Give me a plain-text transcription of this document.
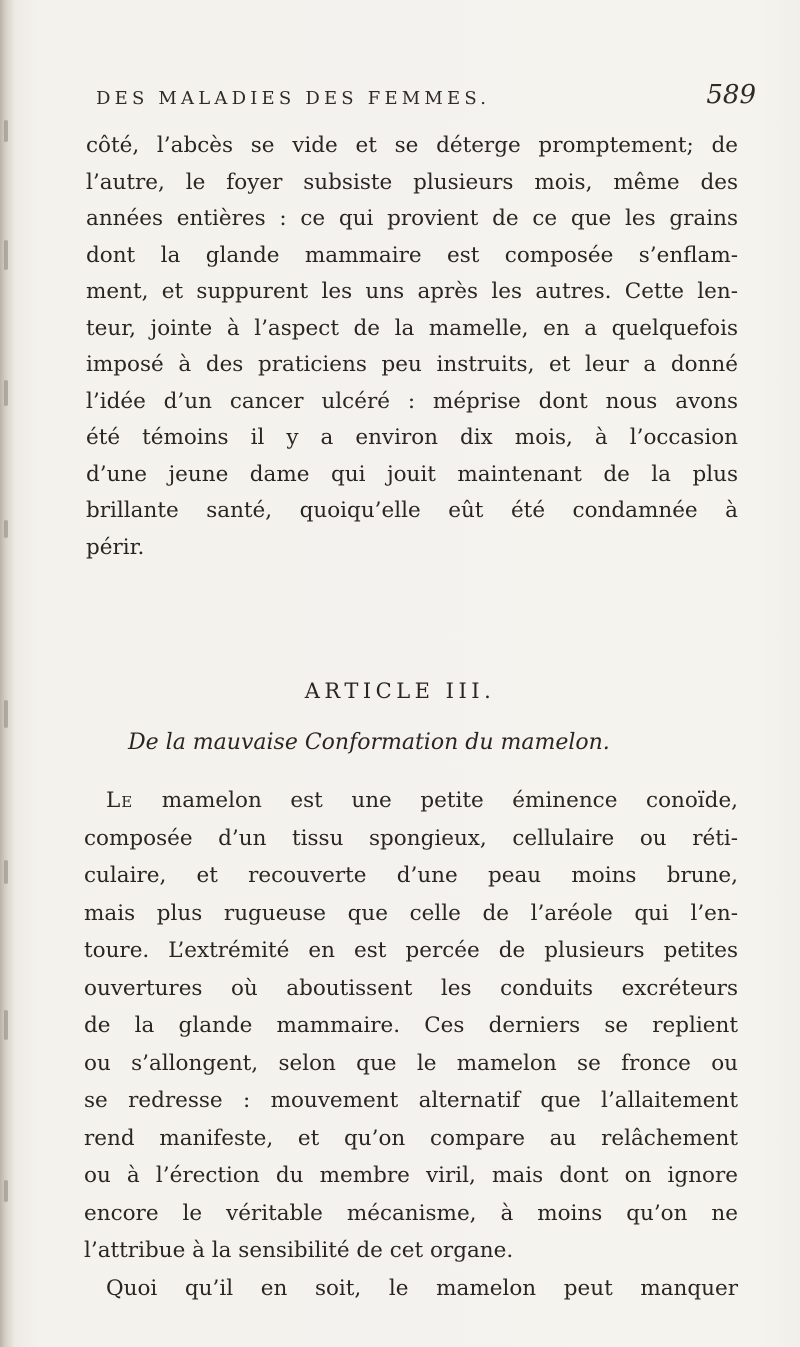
DES MALADIES DES FEMMES.	589
côté, l’abcès se vide et se déterge promptement; de
l’autre, le foyer subsiste plusieurs mois, même des
années entières : ce qui provient de ce que les grains
dont la glande mammaire est composée s’enflam-
ment, et suppurent les uns après les autres. Cette len-
teur, jointe à l’aspect de la mamelle, en a quelquefois
imposé à des praticiens peu instruits, et leur a donné
l’idée d’un cancer ulcéré : méprise dont nous avons
été témoins il y a environ dix mois, à l’occasion
d’une jeune dame qui jouit maintenant de la plus
brillante santé, quoiqu’elle eût été condamnée à
périr.
ARTICLE III.
De la mauvaise Conformation du mamelon.
Le mamelon est une petite éminence conoïde,
composée d’un tissu spongieux, cellulaire ou réti-
culaire, et recouverte d’une peau moins brune,
mais plus rugueuse que celle de l’aréole qui l’en-
toure. L’extrémité en est percée de plusieurs petites
ouvertures où aboutissent les conduits excréteurs
de la glande mammaire. Ces derniers se replient
ou s’allongent, selon que le mamelon se fronce ou
se redresse : mouvement alternatif que l’allaitement
rend manifeste, et qu’on compare au relâchement
ou à l’érection du membre viril, mais dont on ignore
encore le véritable mécanisme, à moins qu’on ne
l’attribue à la sensibilité de cet organe.
Quoi qu’il en soit, le mamelon peut manquer
